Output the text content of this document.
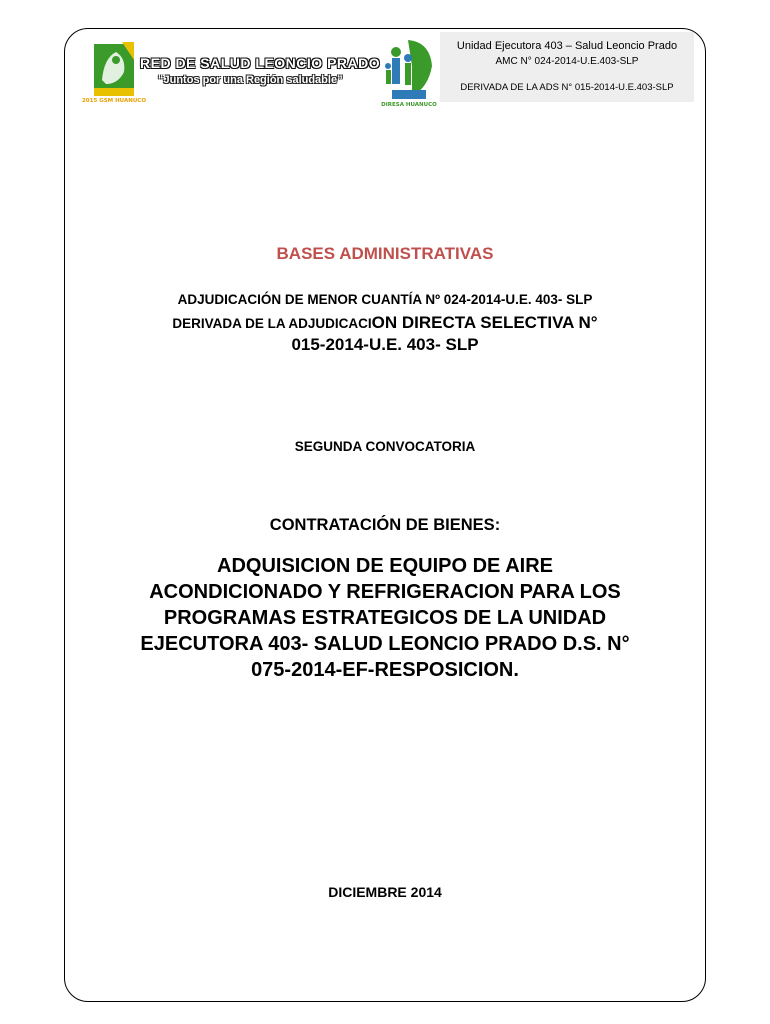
2015 GSM HUANUCO
RED DE SALUD LEONCIO PRADO
“Juntos por una Región saludable”
DIRESA HUANUCO
Unidad Ejecutora 403 – Salud Leoncio Prado
AMC N° 024-2014-U.E.403-SLP
DERIVADA DE LA ADS N° 015-2014-U.E.403-SLP
BASES ADMINISTRATIVAS
ADJUDICACIÓN DE MENOR CUANTÍA Nº 024-2014-U.E. 403- SLP
DERIVADA DE LA ADJUDICACION DIRECTA SELECTIVA N°
015-2014-U.E. 403- SLP
SEGUNDA CONVOCATORIA
CONTRATACIÓN DE BIENES:
ADQUISICION DE EQUIPO DE AIRE
ACONDICIONADO Y REFRIGERACION PARA LOS
PROGRAMAS ESTRATEGICOS DE LA UNIDAD
EJECUTORA 403- SALUD LEONCIO PRADO D.S. N°
075-2014-EF-RESPOSICION.
DICIEMBRE 2014
